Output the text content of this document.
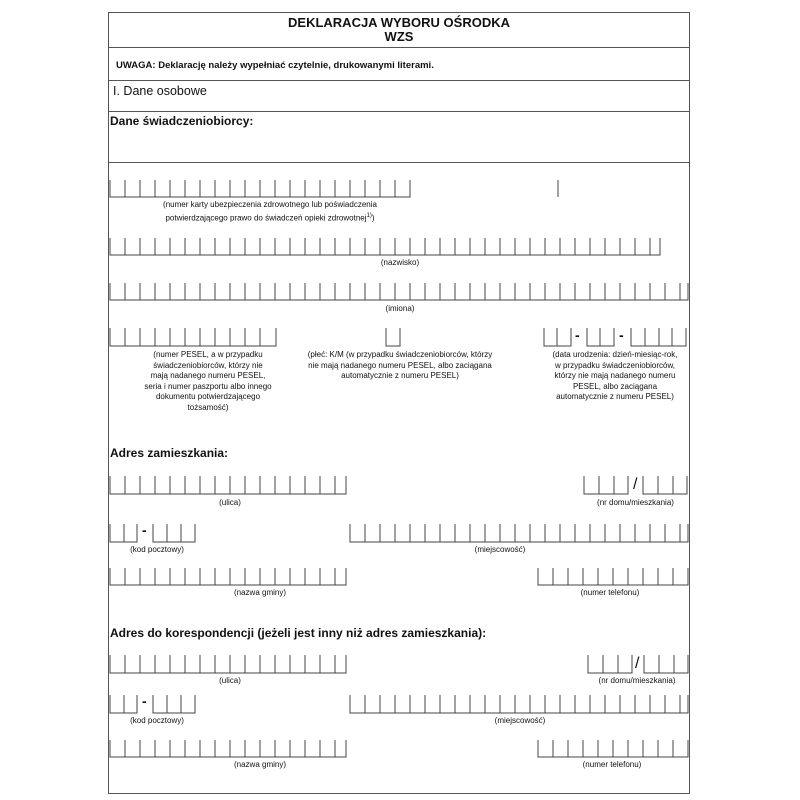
DEKLARACJA WYBORU OŚRODKA
WZS
UWAGA: Deklarację należy wypełniać czytelnie, drukowanymi literami.
I. Dane osobowe
Dane świadczeniobiorcy:
(numer karty ubezpieczenia zdrowotnego lub poświadczenia
potwierdzającego prawo do świadczeń opieki zdrowotnej$^{1)}$)
(nazwisko)
(imiona)
(numer PESEL, a w przypadku
świadczeniobiorców, którzy nie
mają nadanego numeru PESEL,
seria i numer paszportu albo innego
dokumentu potwierdzającego
tożsamość)
(płeć: K/M (w przypadku świadczeniobiorców, którzy
nie mają nadanego numeru PESEL, albo zaciągana
automatycznie z numeru PESEL)
(data urodzenia: dzień-miesiąc-rok,
w przypadku świadczeniobiorców,
którzy nie mają nadanego numeru
PESEL, albo zaciągana
automatycznie z numeru PESEL)
-	-
Adres zamieszkania:
/
(ulica)	(nr domu/mieszkania)
-
(kod pocztowy)	(miejscowość)
(nazwa gminy)	(numer telefonu)
Adres do korespondencji (jeżeli jest inny niż adres zamieszkania):
/
(ulica)	(nr domu/mieszkania)
-
(kod pocztowy)	(miejscowość)
(nazwa gminy)	(numer telefonu)
